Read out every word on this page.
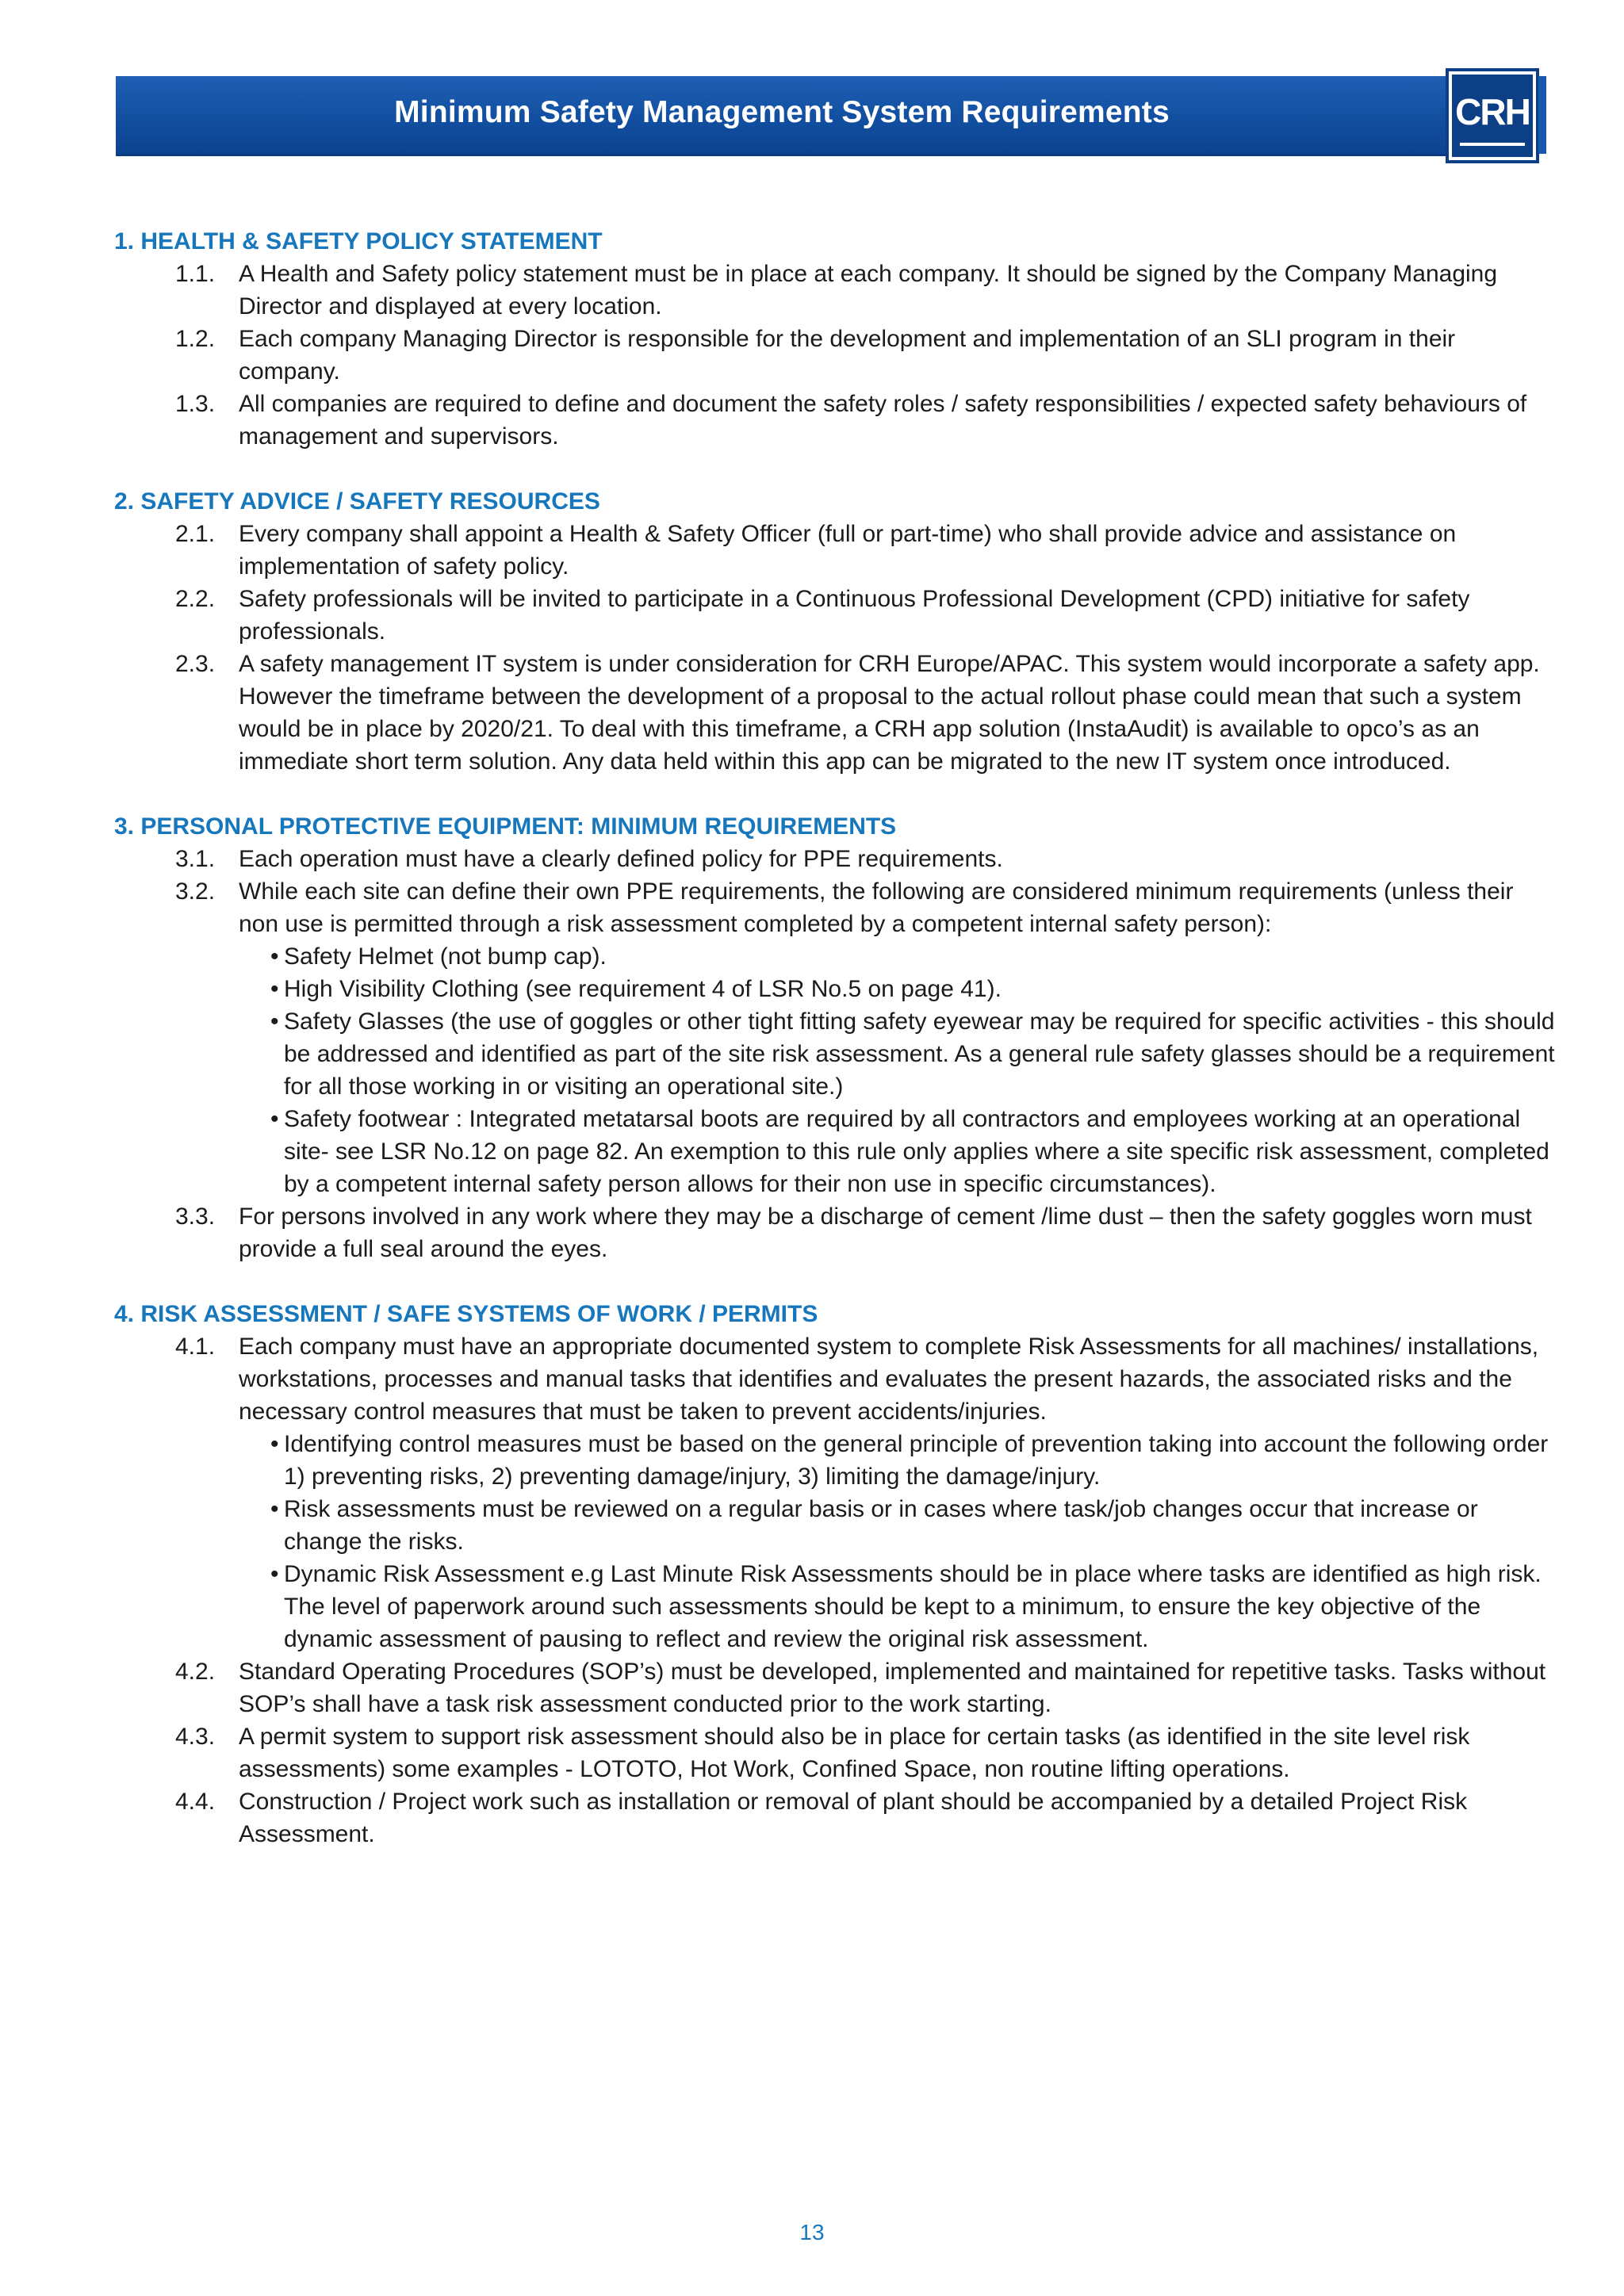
Minimum Safety Management System Requirements	CRH

1. HEALTH & SAFETY POLICY STATEMENT

1.1. A Health and Safety policy statement must be in place at each company. It should be signed by the Company Managing Director and displayed at every location.
1.2. Each company Managing Director is responsible for the development and implementation of an SLI program in their company.
1.3. All companies are required to define and document the safety roles / safety responsibilities / expected safety behaviours of management and supervisors.

2. SAFETY ADVICE / SAFETY RESOURCES

2.1. Every company shall appoint a Health & Safety Officer (full or part-time) who shall provide advice and assistance on implementation of safety policy.
2.2. Safety professionals will be invited to participate in a Continuous Professional Development (CPD) initiative for safety professionals.
2.3. A safety management IT system is under consideration for CRH Europe/APAC. This system would incorporate a safety app. However the timeframe between the development of a proposal to the actual rollout phase could mean that such a system would be in place by 2020/21. To deal with this timeframe, a CRH app solution (InstaAudit) is available to opco’s as an immediate short term solution. Any data held within this app can be migrated to the new IT system once introduced.

3. PERSONAL PROTECTIVE EQUIPMENT: MINIMUM REQUIREMENTS

3.1. Each operation must have a clearly defined policy for PPE requirements.
3.2. While each site can define their own PPE requirements, the following are considered minimum requirements (unless their non use is permitted through a risk assessment completed by a competent internal safety person):
• Safety Helmet (not bump cap).
• High Visibility Clothing (see requirement 4 of LSR No.5 on page 41).
• Safety Glasses (the use of goggles or other tight fitting safety eyewear may be required for specific activities - this should be addressed and identified as part of the site risk assessment. As a general rule safety glasses should be a requirement for all those working in or visiting an operational site.)
• Safety footwear : Integrated metatarsal boots are required by all contractors and employees working at an operational site- see LSR No.12 on page 82. An exemption to this rule only applies where a site specific risk assessment, completed by a competent internal safety person allows for their non use in specific circumstances).
3.3. For persons involved in any work where they may be a discharge of cement /lime dust – then the safety goggles worn must provide a full seal around the eyes.

4. RISK ASSESSMENT / SAFE SYSTEMS OF WORK / PERMITS

4.1. Each company must have an appropriate documented system to complete Risk Assessments for all machines/ installations, workstations, processes and manual tasks that identifies and evaluates the present hazards, the associated risks and the necessary control measures that must be taken to prevent accidents/injuries.
• Identifying control measures must be based on the general principle of prevention taking into account the following order 1) preventing risks, 2) preventing damage/injury, 3) limiting the damage/injury.
• Risk assessments must be reviewed on a regular basis or in cases where task/job changes occur that increase or change the risks.
• Dynamic Risk Assessment e.g Last Minute Risk Assessments should be in place where tasks are identified as high risk. The level of paperwork around such assessments should be kept to a minimum, to ensure the key objective of the dynamic assessment of pausing to reflect and review the original risk assessment.
4.2. Standard Operating Procedures (SOP’s) must be developed, implemented and maintained for repetitive tasks. Tasks without SOP’s shall have a task risk assessment conducted prior to the work starting.
4.3. A permit system to support risk assessment should also be in place for certain tasks (as identified in the site level risk assessments) some examples - LOTOTO, Hot Work, Confined Space, non routine lifting operations.
4.4. Construction / Project work such as installation or removal of plant should be accompanied by a detailed Project Risk Assessment.
13
